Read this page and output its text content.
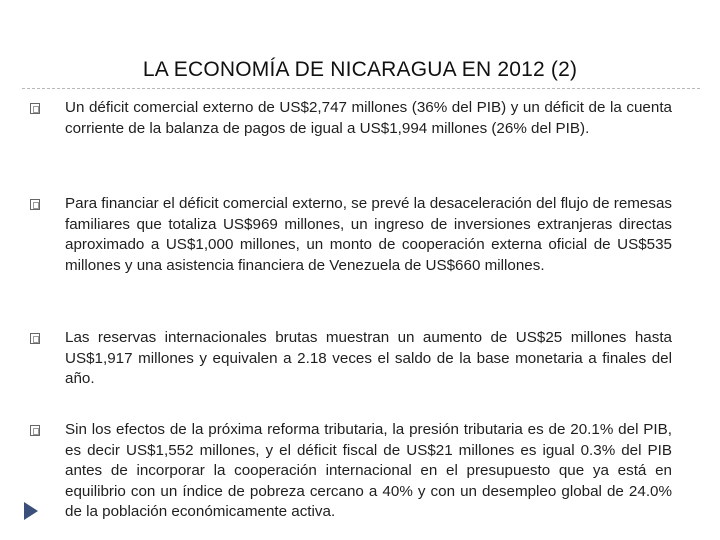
LA ECONOMÍA DE NICARAGUA EN 2012 (2)
Un déficit comercial externo de US$2,747 millones (36% del PIB) y un déficit de la cuenta corriente de la balanza de pagos de igual a US$1,994 millones (26% del PIB).
Para financiar el déficit comercial externo, se prevé la desaceleración del flujo de remesas familiares que totaliza US$969 millones, un ingreso de inversiones extranjeras directas aproximado a US$1,000 millones, un monto de cooperación externa oficial de US$535 millones y una asistencia financiera de Venezuela de US$660 millones.
Las reservas internacionales brutas muestran un aumento de US$25 millones hasta US$1,917 millones y equivalen a 2.18 veces el saldo de la base monetaria a finales del año.
Sin los efectos de la próxima reforma tributaria, la presión tributaria es de 20.1% del PIB, es decir US$1,552 millones, y el déficit fiscal de US$21 millones es igual 0.3% del PIB antes de incorporar la cooperación internacional en el presupuesto que ya está en equilibrio con un índice de pobreza cercano a 40% y con un desempleo global de 24.0% de la población económicamente activa.
